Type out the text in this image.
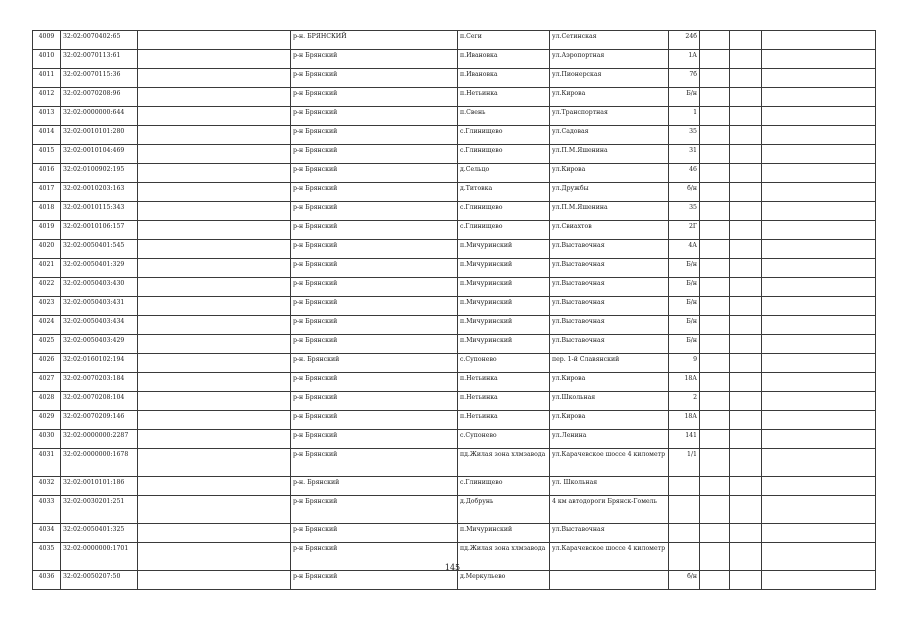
4009	32:02:0070402:65		р-н. БРЯНСКИЙ	п.Сеги	ул.Сетинская	24б			
4010	32:02:0070113:61		р-н Брянский	п.Ивановка	ул.Аэропортная	1А			
4011	32:02:0070115:36		р-н Брянский	п.Ивановка	ул.Пионерская	7б			
4012	32:02:0070208:96		р-н Брянский	п.Нетьинка	ул.Кирова	Б/н			
4013	32:02:0000000:644		р-н Брянский	п.Свень	ул.Транспортная	1			
4014	32:02:0010101:280		р-н Брянский	с.Глинищево	ул.Садовая	35			
4015	32:02:0010104:469		р-н Брянский	с.Глинищево	ул.П.М.Яшенина	31			
4016	32:02:0100902:195		р-н Брянский	д.Сельцо	ул.Кирова	46			
4017	32:02:0010203:163		р-н Брянский	д.Титовка	ул.Дружбы	б/н			
4018	32:02:0010115:343		р-н Брянский	с.Глинищево	ул.П.М.Яшенина	35			
4019	32:02:0010106:157		р-н Брянский	с.Глинищево	ул.Свиахтов	2Г			
4020	32:02:0050401:545		р-н Брянский	п.Мичуринский	ул.Выставочная	4А			
4021	32:02:0050401:329		р-н Брянский	п.Мичуринский	ул.Выставочная	Б/н			
4022	32:02:0050403:430		р-н Брянский	п.Мичуринский	ул.Выставочная	Б/н			
4023	32:02:0050403:431		р-н Брянский	п.Мичуринский	ул.Выставочная	Б/н			
4024	32:02:0050403:434		р-н Брянский	п.Мичуринский	ул.Выставочная	Б/н			
4025	32:02:0050403:429		р-н Брянский	п.Мичуринский	ул.Выставочная	Б/н			
4026	32:02:0160102:194		р-н. Брянский	с.Супонево	пер. 1-й Славянский	9			
4027	32:02:0070203:184		р-н Брянский	п.Нетьинка	ул.Кирова	18А			
4028	32:02:0070208:104		р-н Брянский	п.Нетьинка	ул.Школьная	2			
4029	32:02:0070209:146		р-н Брянский	п.Нетьинка	ул.Кирова	18А			
4030	32:02:0000000:2287		р-н Брянский	с.Супонево	ул.Ленина	141			
4031	32:02:0000000:1678		р-н Брянский	пд.Жилая зона хлмзавода	ул.Карачевское шоссе 4 километр	1/1			
4032	32:02:0010101:186		р-н. Брянский	с.Глинищево	ул. Школьная				
4033	32:02:0030201:251		р-н Брянский	д.Добрунь	4 км автодороги Брянск-Гомель				
4034	32:02:0050401:325		р-н Брянский	п.Мичуринский	ул.Выставочная				
4035	32:02:0000000:1701		р-н Брянский	пд.Жилая зона хлмзавода	ул.Карачевское шоссе 4 километр				
4036	32:02:0050207:50		р-н Брянский	д.Меркульево		б/н			
145
